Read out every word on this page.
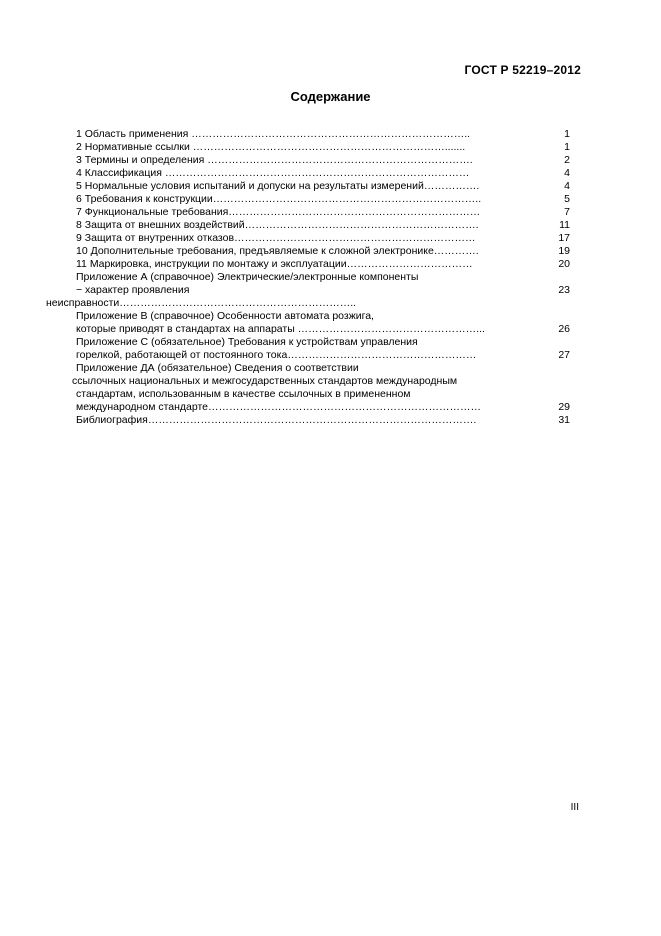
ГОСТ Р 52219–2012
Содержание
1 Область применения ……………………………………………………………………..	1
2 Нормативные ссылки ……………………………………………………………….......	1
3 Термины и определения ………………………………………………………………….	2
4 Классификация ……………………………………………………………………………	4
5 Нормальные условия испытаний и допуски на результаты измерений…………….	4
6 Требования к конструкции…………………………………………………………………..	5
7 Функциональные требования………………………………………………………………	7
8 Защита от внешних воздействий………………………………………………………….	11
9 Защита от внутренних отказов……………………………………………………………	17
10 Дополнительные требования, предъявляемые к сложной электронике………….	19
11 Маркировка, инструкции по монтажу и эксплуатации………………………………	20
Приложение А (справочное) Электрические/электронные компоненты
− характер проявления	23
неисправности…………………………………………………………..
Приложение В (справочное) Особенности автомата розжига,
которые приводят в стандартах на аппараты ……………………………………………...	26
Приложение С (обязательное) Требования к устройствам управления
горелкой, работающей от постоянного тока………………………………………………	27
Приложение ДА (обязательное) Сведения о соответствии
ссылочных национальных и межгосударственных стандартов международным
стандартам, использованным в качестве ссылочных в примененном
международном стандарте……………………………………………………………………	29
Библиография………………………………………………………………………………….	31
III
